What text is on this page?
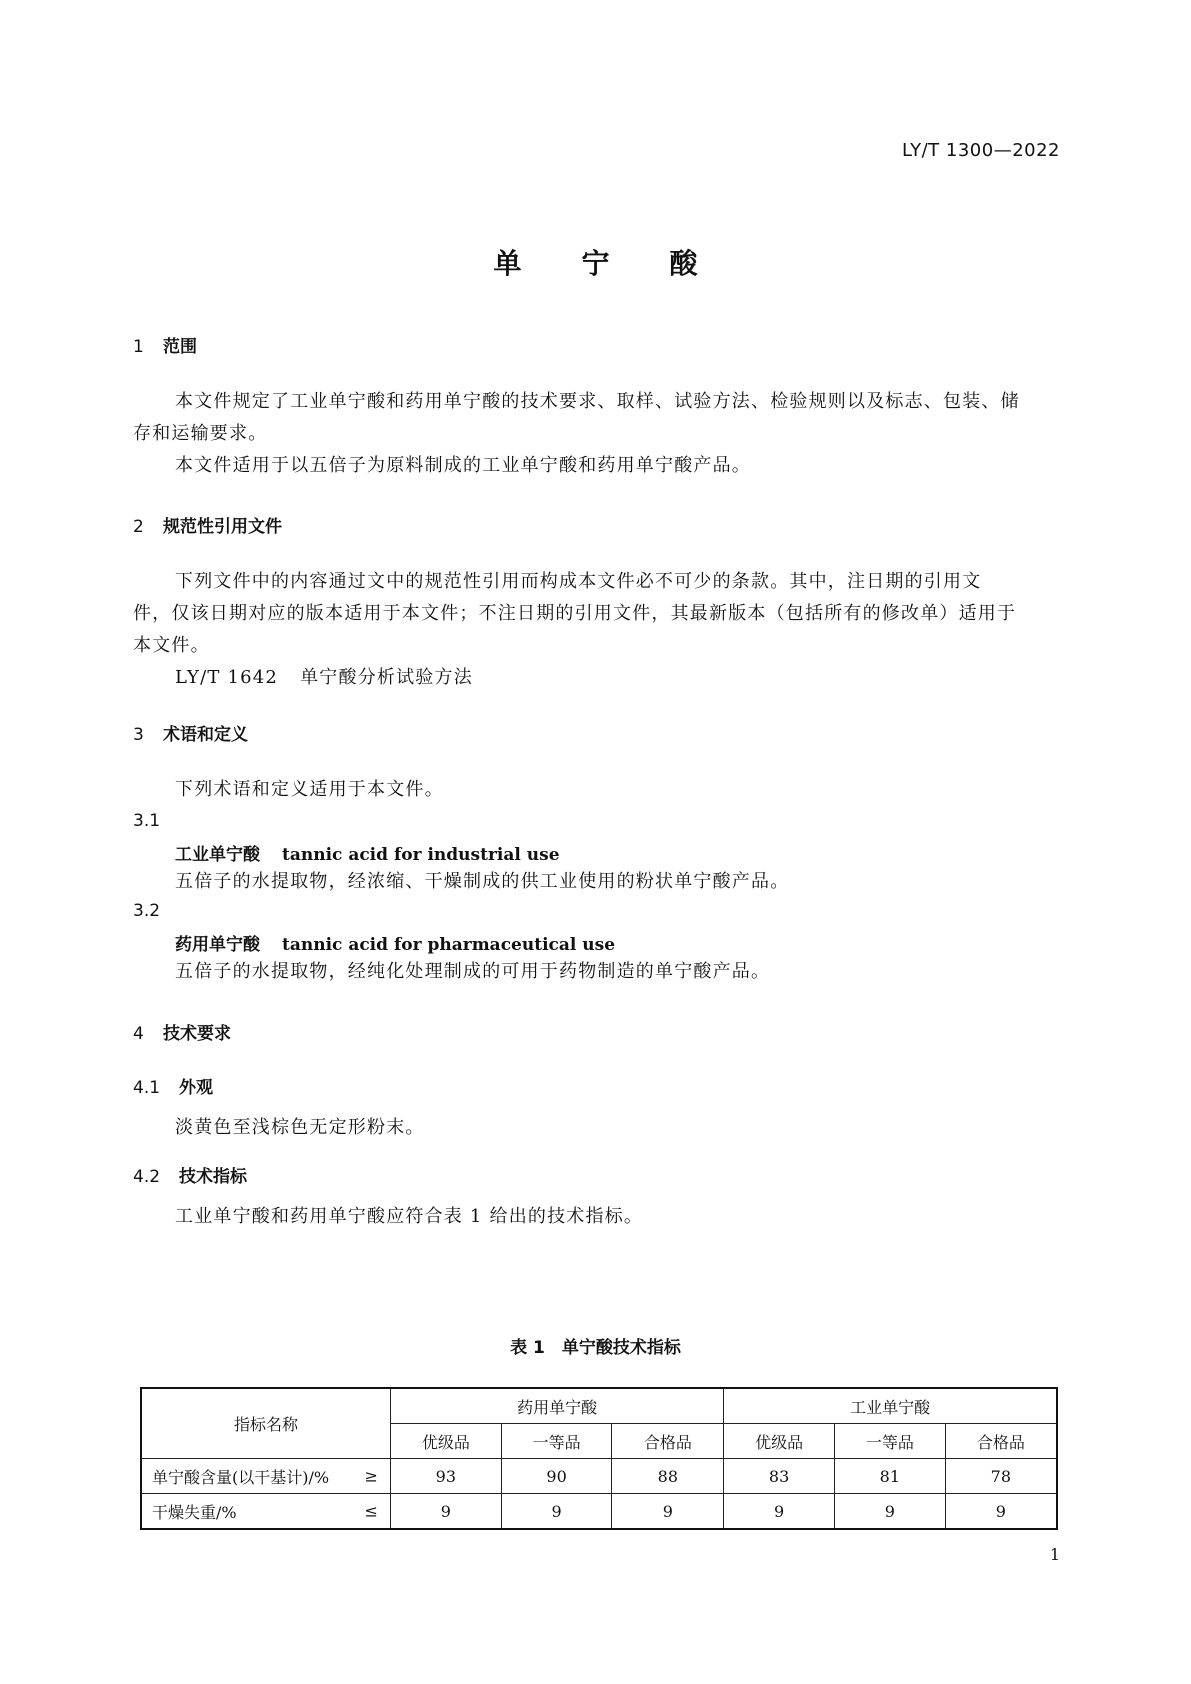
LY/T 1300—2022
单宁酸
1 范围
本文件规定了工业单宁酸和药用单宁酸的技术要求、取样、试验方法、检验规则以及标志、包装、储
存和运输要求。
本文件适用于以五倍子为原料制成的工业单宁酸和药用单宁酸产品。
2 规范性引用文件
下列文件中的内容通过文中的规范性引用而构成本文件必不可少的条款。其中，注日期的引用文
件，仅该日期对应的版本适用于本文件；不注日期的引用文件，其最新版本（包括所有的修改单）适用于
本文件。
LY/T 1642 单宁酸分析试验方法
3 术语和定义
下列术语和定义适用于本文件。
3.1
工业单宁酸 tannic acid for industrial use
五倍子的水提取物，经浓缩、干燥制成的供工业使用的粉状单宁酸产品。
3.2
药用单宁酸 tannic acid for pharmaceutical use
五倍子的水提取物，经纯化处理制成的可用于药物制造的单宁酸产品。
4 技术要求
4.1 外观
淡黄色至浅棕色无定形粉末。
4.2 技术指标
工业单宁酸和药用单宁酸应符合表 1 给出的技术指标。
表 1　单宁酸技术指标
指标名称	药用单宁酸			工业单宁酸		
	优级品	一等品	合格品	优级品	一等品	合格品
单宁酸含量(以干基计)/% ≥	93	90	88	83	81	78
干燥失重/% ≤	9	9	9	9	9	9
1
